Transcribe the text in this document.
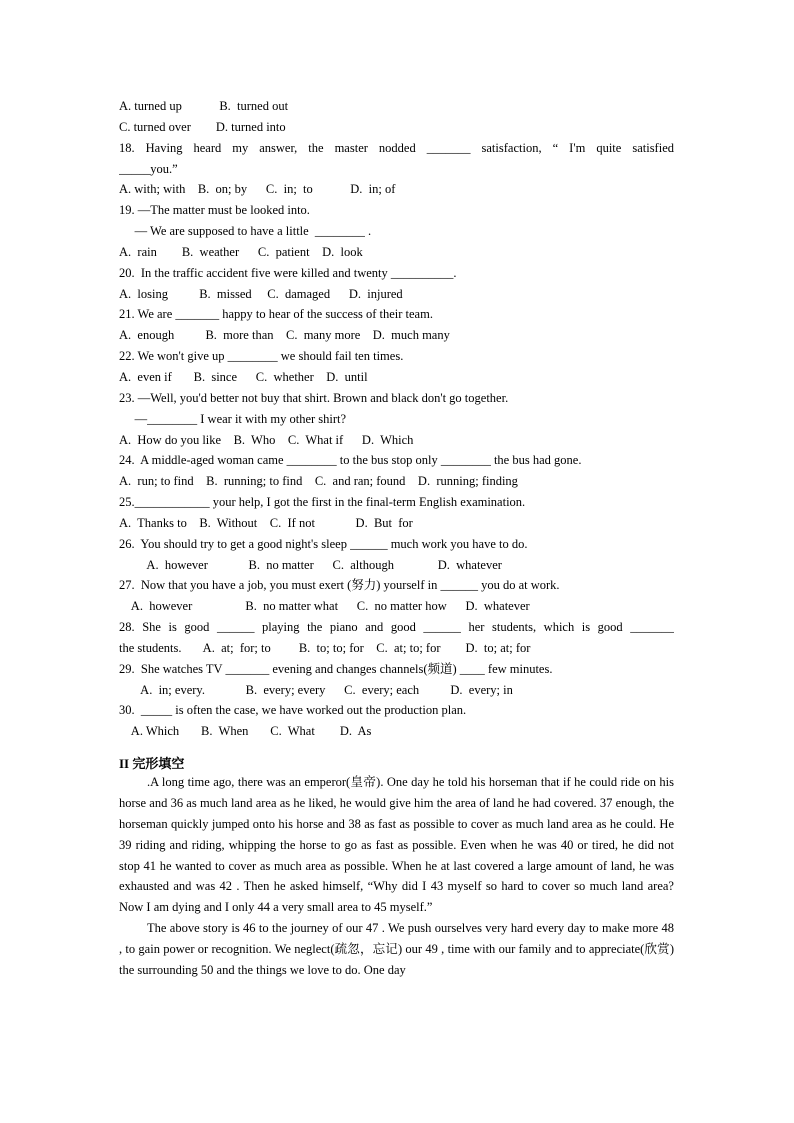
A. turned up            B.  turned out
C. turned over        D. turned into
18. Having heard my answer, the master nodded _______ satisfaction, “ I'm quite satisfied
_____you.”
A. with; with    B.  on; by      C.  in;  to            D.  in; of
19. —The matter must be looked into.
— We are supposed to have a little  ________ .
A.  rain        B.  weather      C.  patient    D.  look
20.  In the traffic accident five were killed and twenty __________.
A.  losing          B.  missed     C.  damaged      D.  injured
21. We are _______ happy to hear of the success of their team.
A.  enough          B.  more than    C.  many more    D.  much many
22. We won't give up ________ we should fail ten times.
A.  even if       B.  since      C.  whether    D.  until
23. —Well, you'd better not buy that shirt. Brown and black don't go together.
—________ I wear it with my other shirt?
A.  How do you like    B.  Who    C.  What if      D.  Which
24.  A middle-aged woman came ________ to the bus stop only ________ the bus had gone.
A.  run; to find    B.  running; to find    C.  and ran; found    D.  running; finding
25.____________ your help, I got the first in the final-term English examination.
A.  Thanks to    B.  Without    C.  If not             D.  But  for
26.  You should try to get a good night's sleep ______ much work you have to do.
A.  however             B.  no matter      C.  although              D.  whatever
27.  Now that you have a job, you must exert (努力) yourself in ______ you do at work.
A.  however                 B.  no matter what      C.  no matter how      D.  whatever
28. She is good ______ playing the piano and good ______ her students, which is good _______
the students.       A.  at;  for; to         B.  to; to; for    C.  at; to; for        D.  to; at; for
29.  She watches TV _______ evening and changes channels(频道) ____ few minutes.
A.  in; every.             B.  every; every      C.  every; each          D.  every; in
30.  _____ is often the case, we have worked out the production plan.
A. Which       B.  When       C.  What        D.  As
II 完形填空
.A long time ago, there was an emperor(皇帝). One day he told his horseman that if he could ride on his horse and 36 as much land area as he liked, he would give him the area of land he had covered. 37 enough, the horseman quickly jumped onto his horse and 38 as fast as possible to cover as much land area as he could. He 39 riding and riding, whipping the horse to go as fast as possible. Even when he was 40 or tired, he did not stop 41 he wanted to cover as much area as possible. When he at last covered a large amount of land, he was exhausted and was 42 . Then he asked himself, “Why did I 43 myself so hard to cover so much land area? Now I am dying and I only 44 a very small area to 45 myself.”
The above story is 46 to the journey of our 47 . We push ourselves very hard every day to make more 48 , to gain power or recognition. We neglect(疏忽，忘记) our 49 , time with our family and to appreciate(欣赏) the surrounding 50 and the things we love to do. One day
